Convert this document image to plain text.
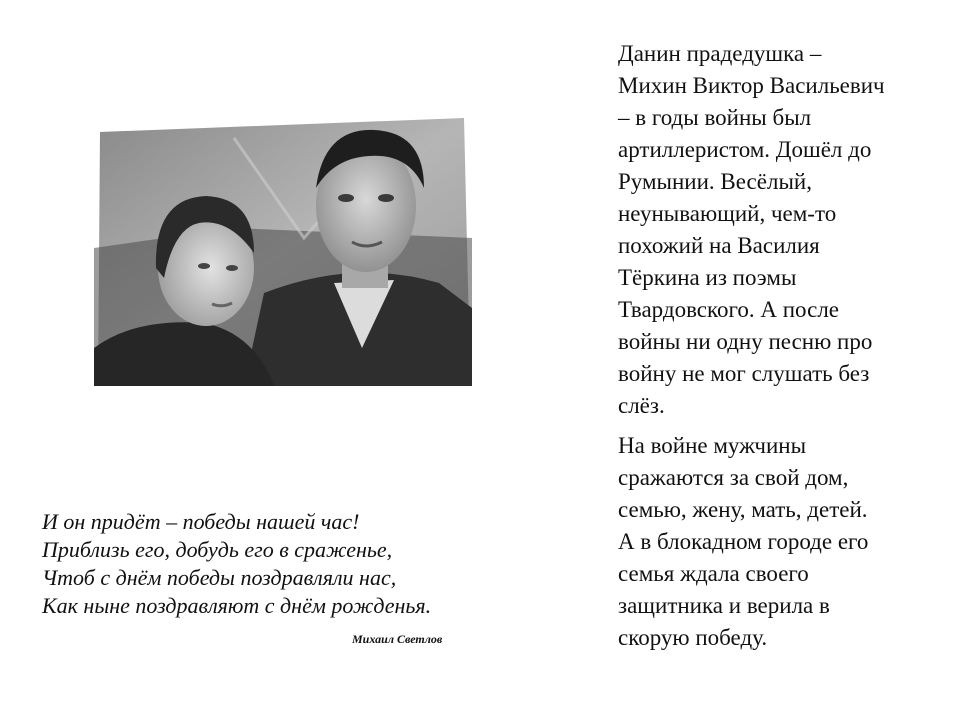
И он придёт – победы нашей час!
Приблизь его, добудь его в сраженье,
Чтоб с днём победы поздравляли нас,
Как ныне поздравляют с днём рожденья.
Михаил Светлов

Данин прадедушка –
Михин Виктор Васильевич
– в годы войны был
артиллеристом. Дошёл до
Румынии. Весёлый,
неунывающий, чем-то
похожий на Василия
Тёркина из поэмы
Твардовского. А после
войны ни одну песню про
войну не мог слушать без
слёз.

На войне мужчины
сражаются за свой дом,
семью, жену, мать, детей.
А в блокадном городе его
семья ждала своего
защитника и верила в
скорую победу.
